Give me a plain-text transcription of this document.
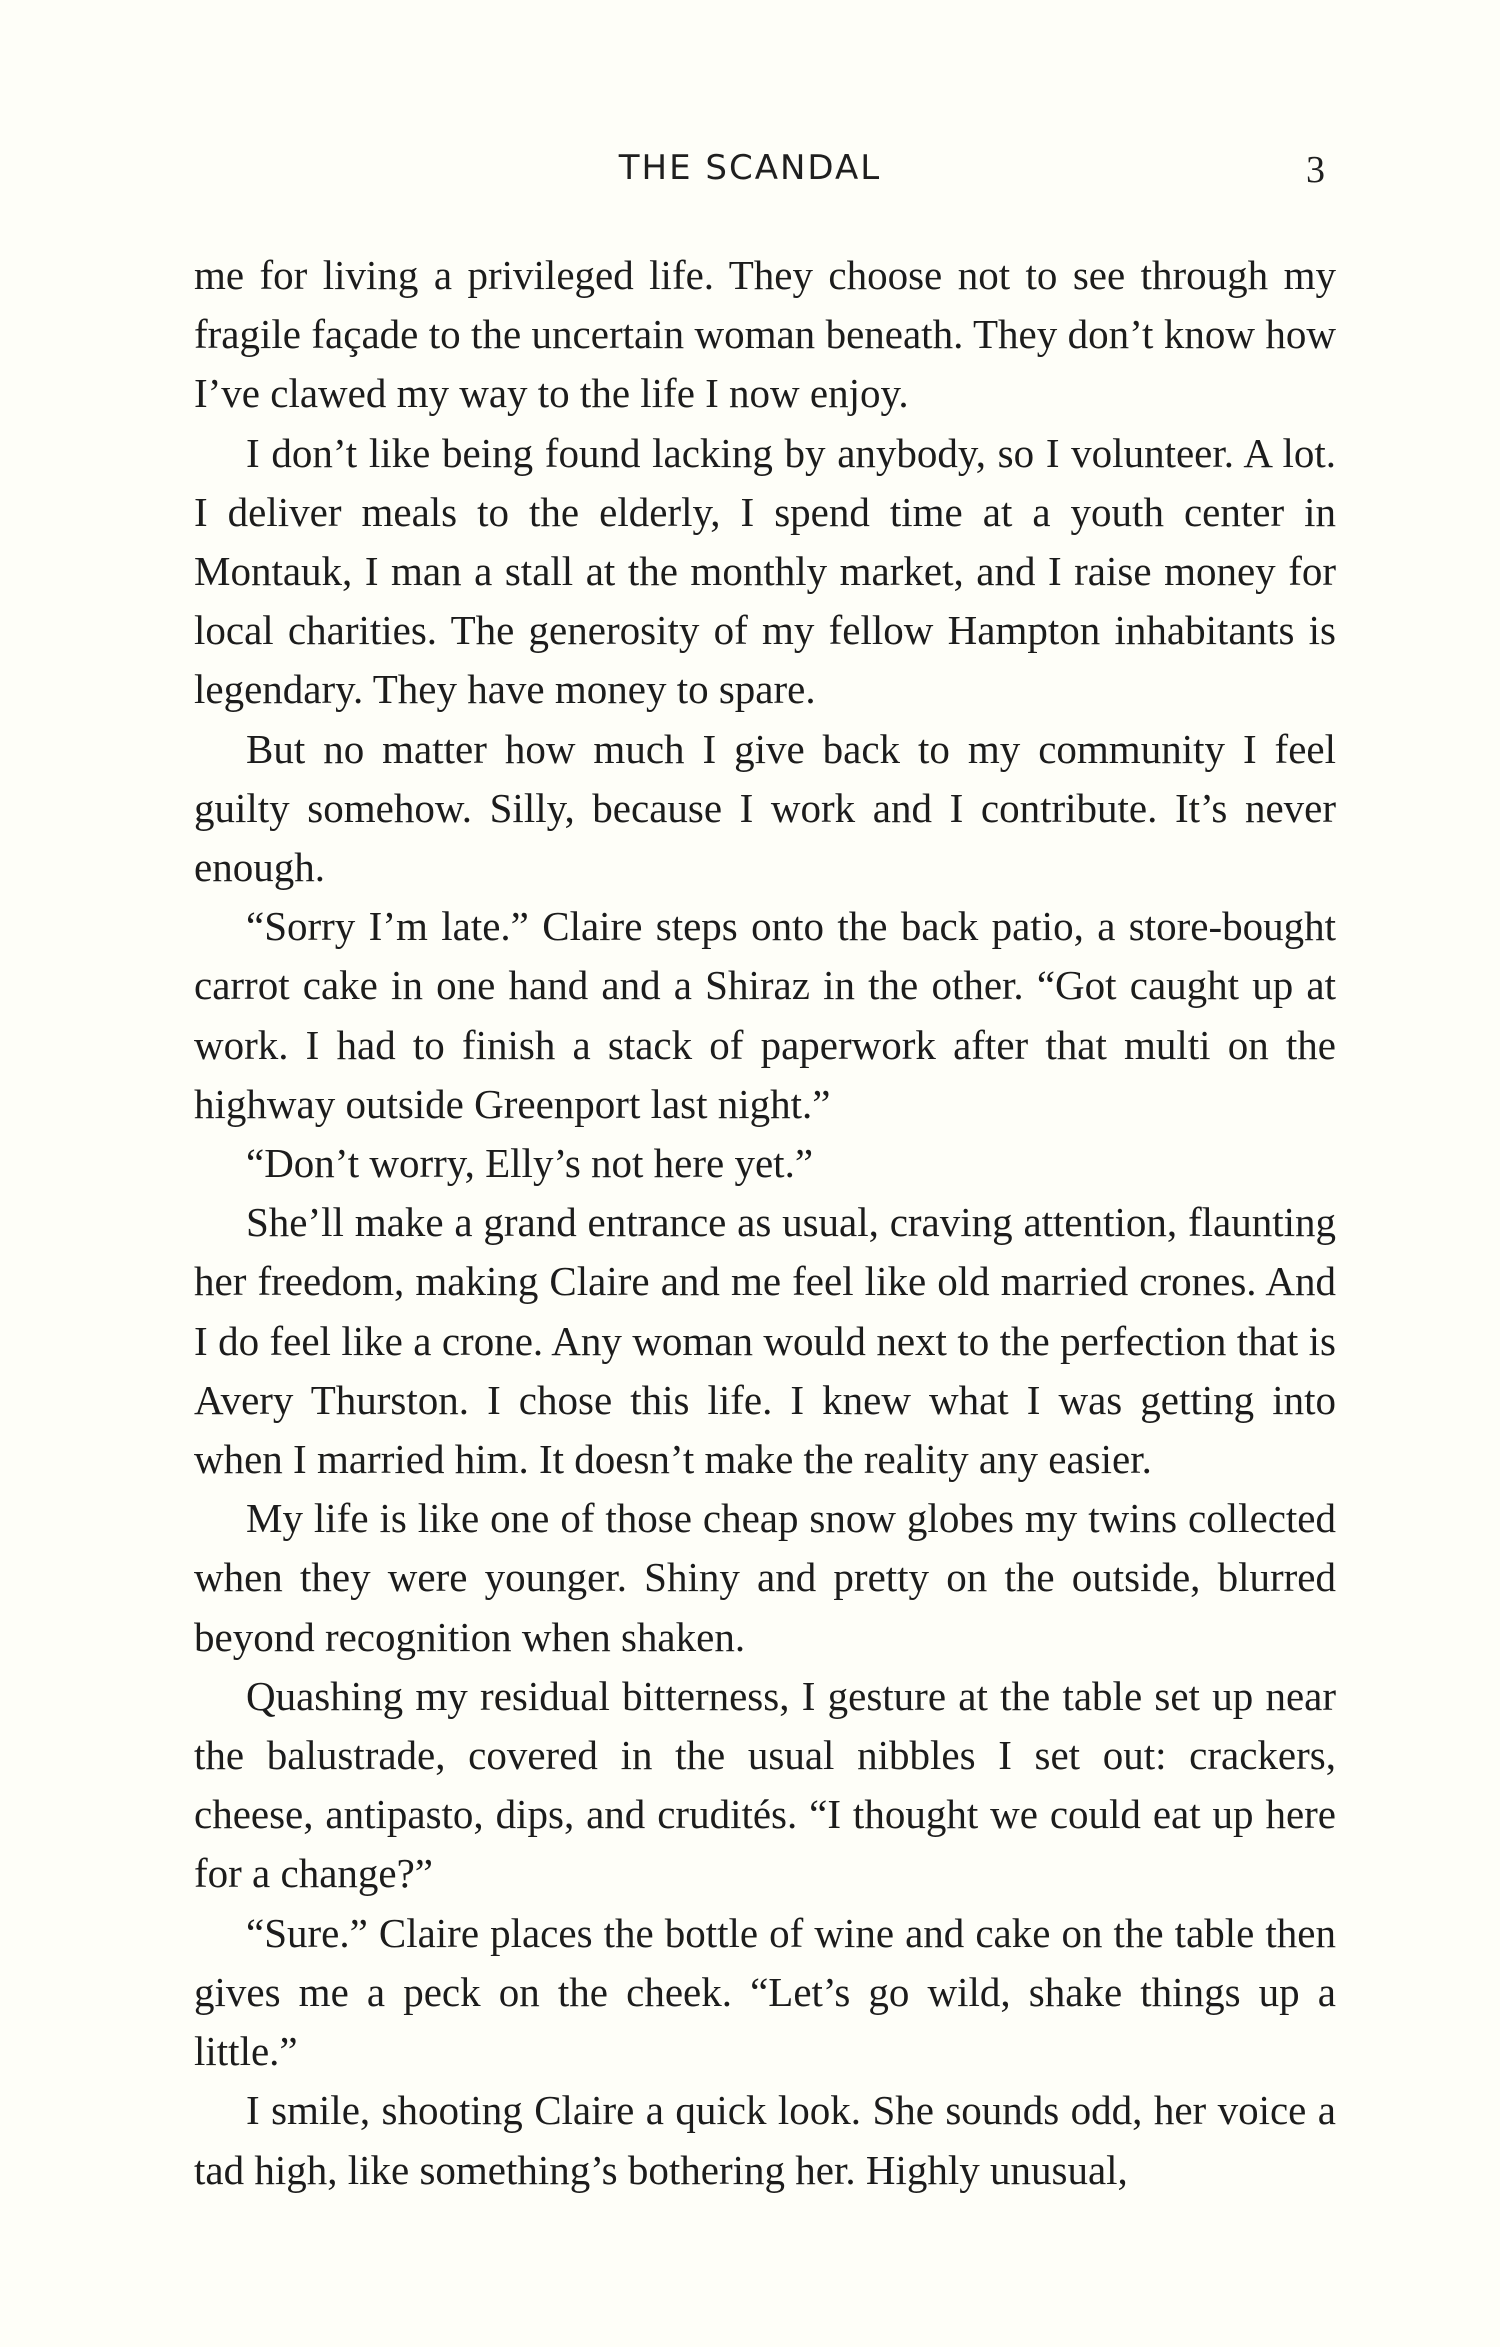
THE SCANDAL	3

me for living a privileged life. They choose not to see through my fragile façade to the uncertain woman beneath. They don’t know how I’ve clawed my way to the life I now enjoy.

I don’t like being found lacking by anybody, so I volunteer. A lot. I deliver meals to the elderly, I spend time at a youth center in Montauk, I man a stall at the monthly market, and I raise money for local charities. The generosity of my fellow Hampton inhabitants is legendary. They have money to spare.

But no matter how much I give back to my community I feel guilty somehow. Silly, because I work and I contribute. It’s never enough.

“Sorry I’m late.” Claire steps onto the back patio, a store-bought carrot cake in one hand and a Shiraz in the other. “Got caught up at work. I had to finish a stack of paperwork after that multi on the highway outside Greenport last night.”

“Don’t worry, Elly’s not here yet.”

She’ll make a grand entrance as usual, craving attention, flaunting her freedom, making Claire and me feel like old married crones. And I do feel like a crone. Any woman would next to the perfection that is Avery Thurston. I chose this life. I knew what I was getting into when I married him. It doesn’t make the reality any easier.

My life is like one of those cheap snow globes my twins collected when they were younger. Shiny and pretty on the outside, blurred beyond recognition when shaken.

Quashing my residual bitterness, I gesture at the table set up near the balustrade, covered in the usual nibbles I set out: crackers, cheese, antipasto, dips, and crudités. “I thought we could eat up here for a change?”

“Sure.” Claire places the bottle of wine and cake on the table then gives me a peck on the cheek. “Let’s go wild, shake things up a little.”

I smile, shooting Claire a quick look. She sounds odd, her voice a tad high, like something’s bothering her. Highly unusual,
